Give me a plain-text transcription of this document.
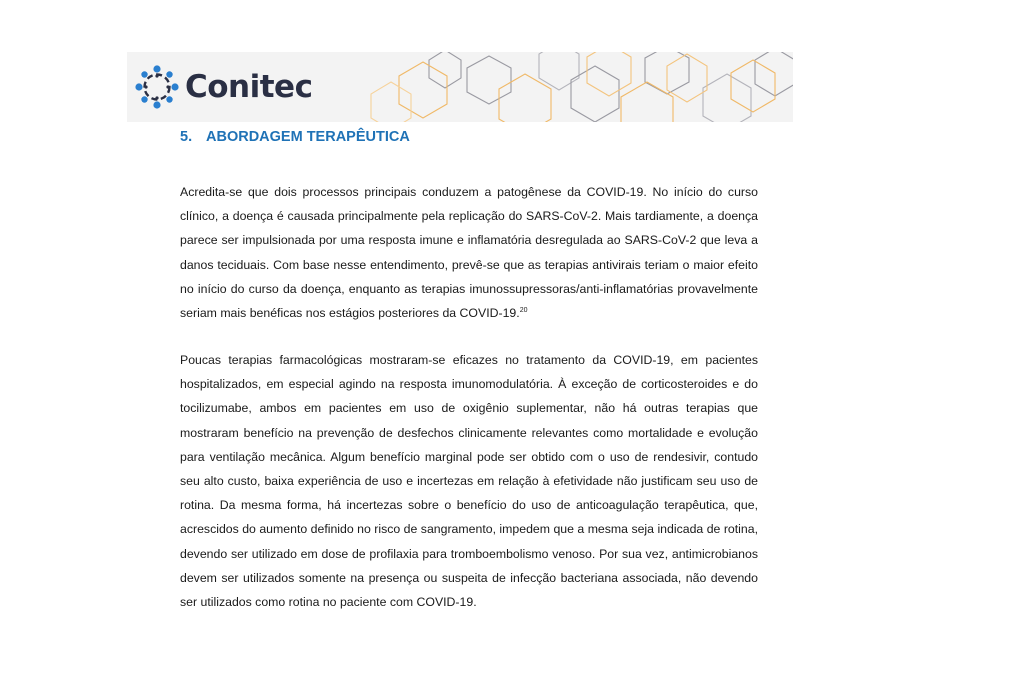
Conitec
5. ABORDAGEM TERAPÊUTICA

Acredita-se que dois processos principais conduzem a patogênese da COVID-19. No início do curso clínico, a doença é causada principalmente pela replicação do SARS-CoV-2. Mais tardiamente, a doença parece ser impulsionada por uma resposta imune e inflamatória desregulada ao SARS-CoV-2 que leva a danos teciduais. Com base nesse entendimento, prevê-se que as terapias antivirais teriam o maior efeito no início do curso da doença, enquanto as terapias imunossupressoras/anti-inflamatórias provavelmente seriam mais benéficas nos estágios posteriores da COVID-19.20

Poucas terapias farmacológicas mostraram-se eficazes no tratamento da COVID-19, em pacientes hospitalizados, em especial agindo na resposta imunomodulatória. À exceção de corticosteroides e do tocilizumabe, ambos em pacientes em uso de oxigênio suplementar, não há outras terapias que mostraram benefício na prevenção de desfechos clinicamente relevantes como mortalidade e evolução para ventilação mecânica. Algum benefício marginal pode ser obtido com o uso de rendesivir, contudo seu alto custo, baixa experiência de uso e incertezas em relação à efetividade não justificam seu uso de rotina. Da mesma forma, há incertezas sobre o benefício do uso de anticoagulação terapêutica, que, acrescidos do aumento definido no risco de sangramento, impedem que a mesma seja indicada de rotina, devendo ser utilizado em dose de profilaxia para tromboembolismo venoso. Por sua vez, antimicrobianos devem ser utilizados somente na presença ou suspeita de infecção bacteriana associada, não devendo ser utilizados como rotina no paciente com COVID-19.
